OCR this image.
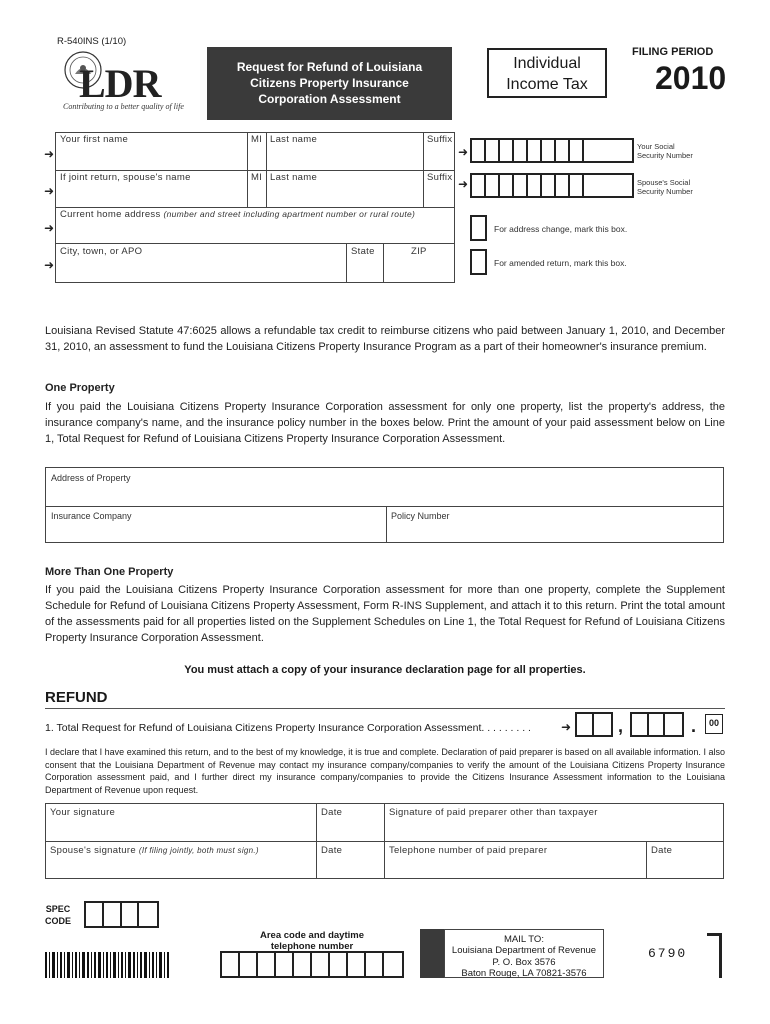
R-540INS (1/10)
LDR
Contributing to a better quality of life
Request for Refund of Louisiana
Citizens Property Insurance
Corporation Assessment
Individual
Income Tax
FILING PERIOD
2010
Your first name	MI Last name	Suffix
If joint return, spouse's name	MI Last name	Suffix
Current home address (number and street including apartment number or rural route)
City, town, or APO	State	ZIP
➜
➜
➜
➜
➜	Your Social
Security Number
➜	Spouse's Social
Security Number
For address change, mark this box.
For amended return, mark this box.
Louisiana Revised Statute 47:6025 allows a refundable tax credit to reimburse citizens who paid between January 1, 2010, and December 31, 2010, an assessment to fund the Louisiana Citizens Property Insurance Program as a part of their homeowner's insurance premium.
One Property
If you paid the Louisiana Citizens Property Insurance Corporation assessment for only one property, list the property's address, the insurance company's name, and the insurance policy number in the boxes below. Print the amount of your paid assessment below on Line 1, Total Request for Refund of Louisiana Citizens Property Insurance Corporation Assessment.
Address of Property
Insurance Company	Policy Number
More Than One Property
If you paid the Louisiana Citizens Property Insurance Corporation assessment for more than one property, complete the Supplement Schedule for Refund of Louisiana Citizens Property Assessment, Form R-INS Supplement, and attach it to this return. Print the total amount of the assessments paid for all properties listed on the Supplement Schedules on Line 1, the Total Request for Refund of Louisiana Citizens Property Insurance Corporation Assessment.
You must attach a copy of your insurance declaration page for all properties.
REFUND
1. Total Request for Refund of Louisiana Citizens Property Insurance Corporation Assessment. . . . . . . . .	➜	,	.	00
I declare that I have examined this return, and to the best of my knowledge, it is true and complete. Declaration of paid preparer is based on all available information. I also consent that the Louisiana Department of Revenue may contact my insurance company/companies to verify the amount of the Louisiana Citizens Property Insurance Corporation assessment paid, and I further direct my insurance company/companies to provide the Citizens Insurance Assessment information to the Louisiana Department of Revenue upon request.
Your signature	Date	Signature of paid preparer other than taxpayer
Spouse's signature (If filing jointly, both must sign.)	Date	Telephone number of paid preparer	Date
SPEC
CODE
Area code and daytime
telephone number
MAIL TO:
Louisiana Department of Revenue
P. O. Box 3576
Baton Rouge, LA 70821-3576
6790
